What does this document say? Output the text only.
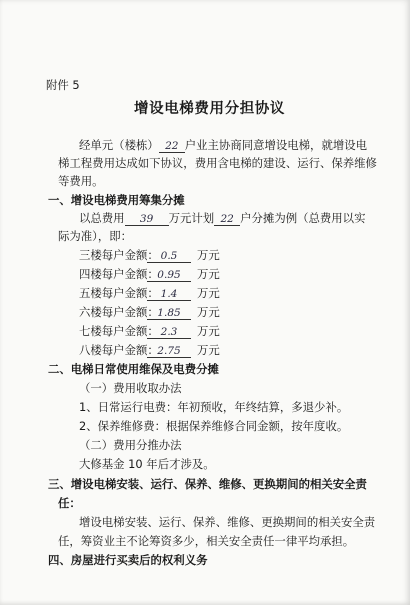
附件 5
增设电梯费用分担协议
经单元（楼栋） 22 户业主协商同意增设电梯，就增设电
梯工程费用达成如下协议，费用含电梯的建设、运行、保养维修
等费用。
一、增设电梯费用筹集分摊
以总费用 39 万元计划 22 户分摊为例（总费用以实
际为准），即：
三楼每户金额： 0.5 万元
四楼每户金额：0.95 万元
五楼每户金额： 1.4 万元
六楼每户金额：1.85 万元
七楼每户金额： 2.3 万元
八楼每户金额：2.75 万元
二、电梯日常使用维保及电费分摊
（一）费用收取办法
1、日常运行电费：年初预收，年终结算，多退少补。
2、保养维修费：根据保养维修合同金额，按年度收。
（二）费用分推办法
大修基金 10 年后才涉及。
三、增设电梯安装、运行、保养、维修、更换期间的相关安全责
任：
增设电梯安装、运行、保养、维修、更换期间的相关安全责
任，筹资业主不论筹资多少，相关安全责任一律平均承担。
四、房屋进行买卖后的权利义务
